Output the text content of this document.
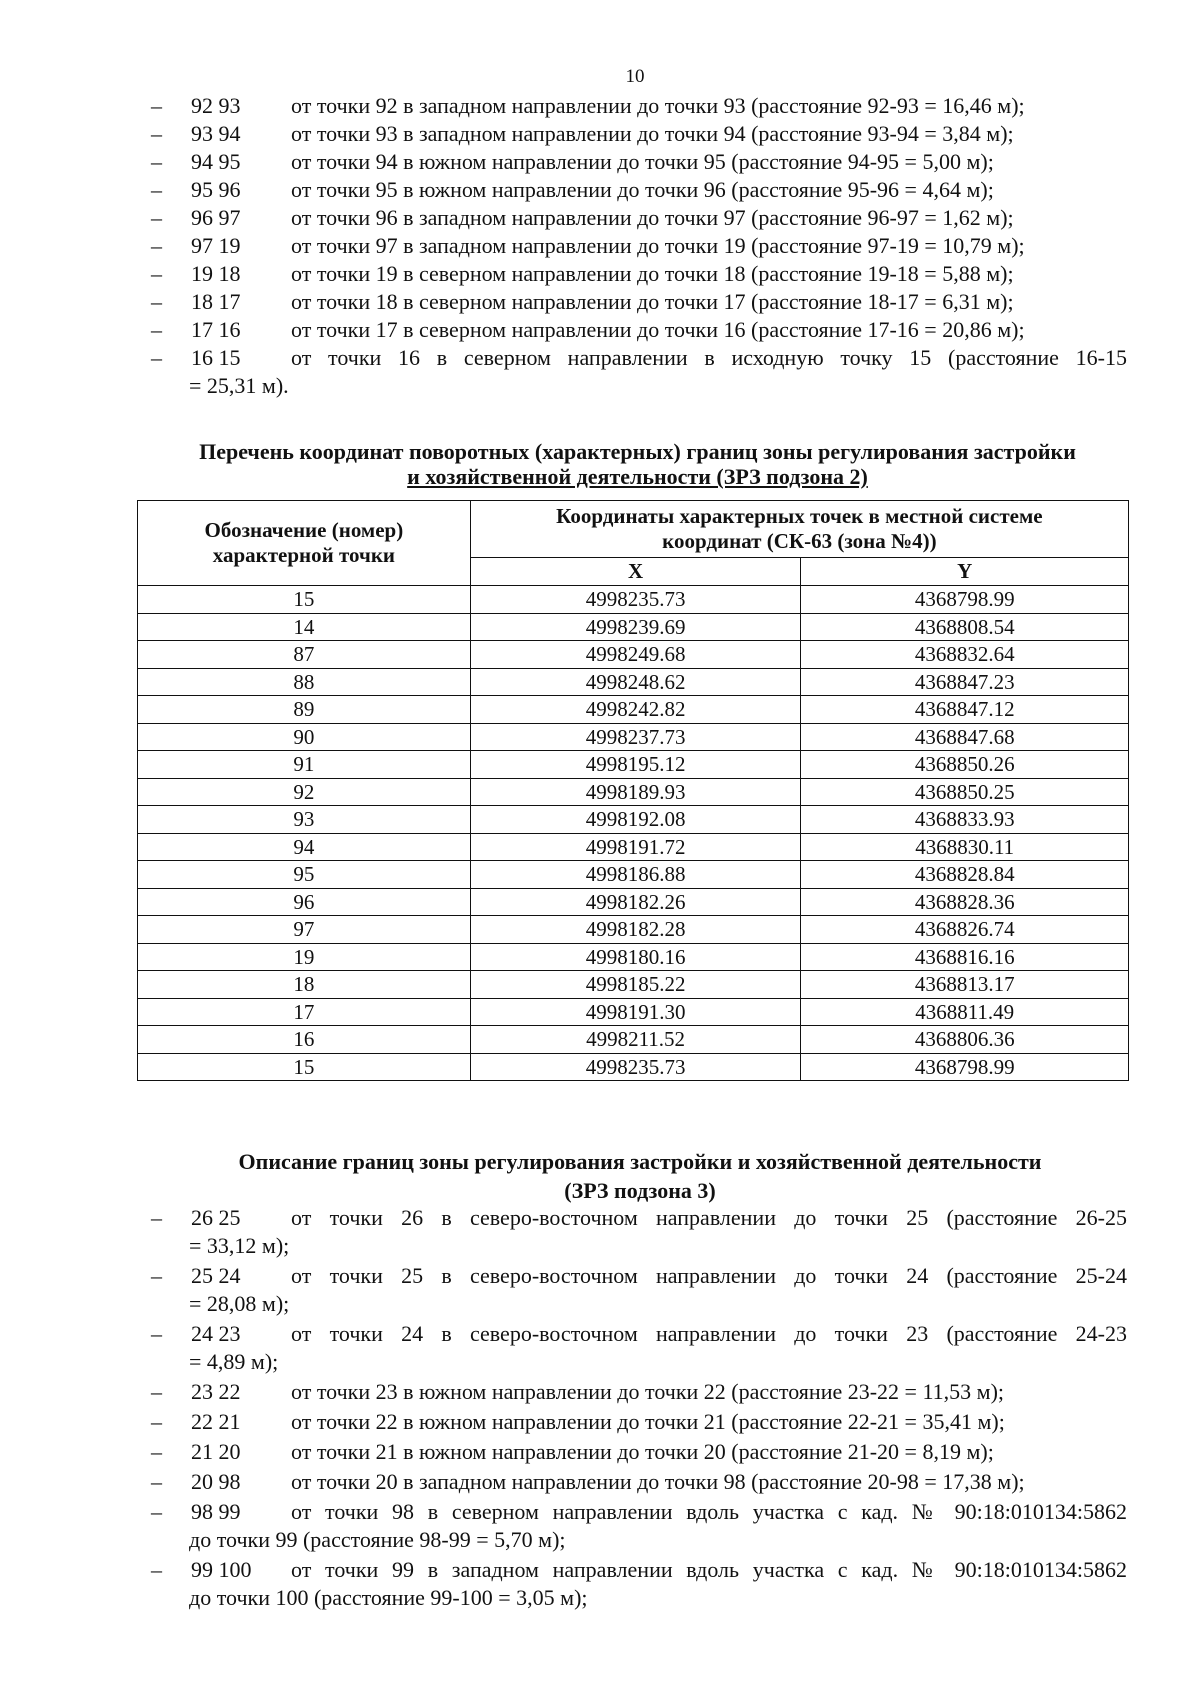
10
–	92 93	от точки 92 в западном направлении до точки 93 (расстояние 92-93 = 16,46 м);
–	93 94	от точки 93 в западном направлении до точки 94 (расстояние 93-94 = 3,84 м);
–	94 95	от точки 94 в южном направлении до точки 95 (расстояние 94-95 = 5,00 м);
–	95 96	от точки 95 в южном направлении до точки 96 (расстояние 95-96 = 4,64 м);
–	96 97	от точки 96 в западном направлении до точки 97 (расстояние 96-97 = 1,62 м);
–	97 19	от точки 97 в западном направлении до точки 19 (расстояние 97-19 = 10,79 м);
–	19 18	от точки 19 в северном направлении до точки 18 (расстояние 19-18 = 5,88 м);
–	18 17	от точки 18 в северном направлении до точки 17 (расстояние 18-17 = 6,31 м);
–	17 16	от точки 17 в северном направлении до точки 16 (расстояние 17-16 = 20,86 м);
–	16 15	от точки 16 в северном направлении в исходную точку 15 (расстояние 16-15
= 25,31 м).
Перечень координат поворотных (характерных) границ зоны регулирования застройки
и хозяйственной деятельности (ЗРЗ подзона 2)
Обозначение (номер) характерной точки	Координаты характерных точек в местной системе координат (СК-63 (зона №4))	
	X	Y
15	4998235.73	4368798.99
14	4998239.69	4368808.54
87	4998249.68	4368832.64
88	4998248.62	4368847.23
89	4998242.82	4368847.12
90	4998237.73	4368847.68
91	4998195.12	4368850.26
92	4998189.93	4368850.25
93	4998192.08	4368833.93
94	4998191.72	4368830.11
95	4998186.88	4368828.84
96	4998182.26	4368828.36
97	4998182.28	4368826.74
19	4998180.16	4368816.16
18	4998185.22	4368813.17
17	4998191.30	4368811.49
16	4998211.52	4368806.36
15	4998235.73	4368798.99
Описание границ зоны регулирования застройки и хозяйственной деятельности
(ЗРЗ подзона 3)
–	26 25	от точки 26 в северо-восточном направлении до точки 25 (расстояние 26-25
= 33,12 м);
–	25 24	от точки 25 в северо-восточном направлении до точки 24 (расстояние 25-24
= 28,08 м);
–	24 23	от точки 24 в северо-восточном направлении до точки 23 (расстояние 24-23
= 4,89 м);
–	23 22	от точки 23 в южном направлении до точки 22 (расстояние 23-22 = 11,53 м);
–	22 21	от точки 22 в южном направлении до точки 21 (расстояние 22-21 = 35,41 м);
–	21 20	от точки 21 в южном направлении до точки 20 (расстояние 21-20 = 8,19 м);
–	20 98	от точки 20 в западном направлении до точки 98 (расстояние 20-98 = 17,38 м);
–	98 99	от точки 98 в северном направлении вдоль участка с кад. № 90:18:010134:5862
до точки 99 (расстояние 98-99 = 5,70 м);
–	99 100	от точки 99 в западном направлении вдоль участка с кад. № 90:18:010134:5862
до точки 100 (расстояние 99-100 = 3,05 м);
